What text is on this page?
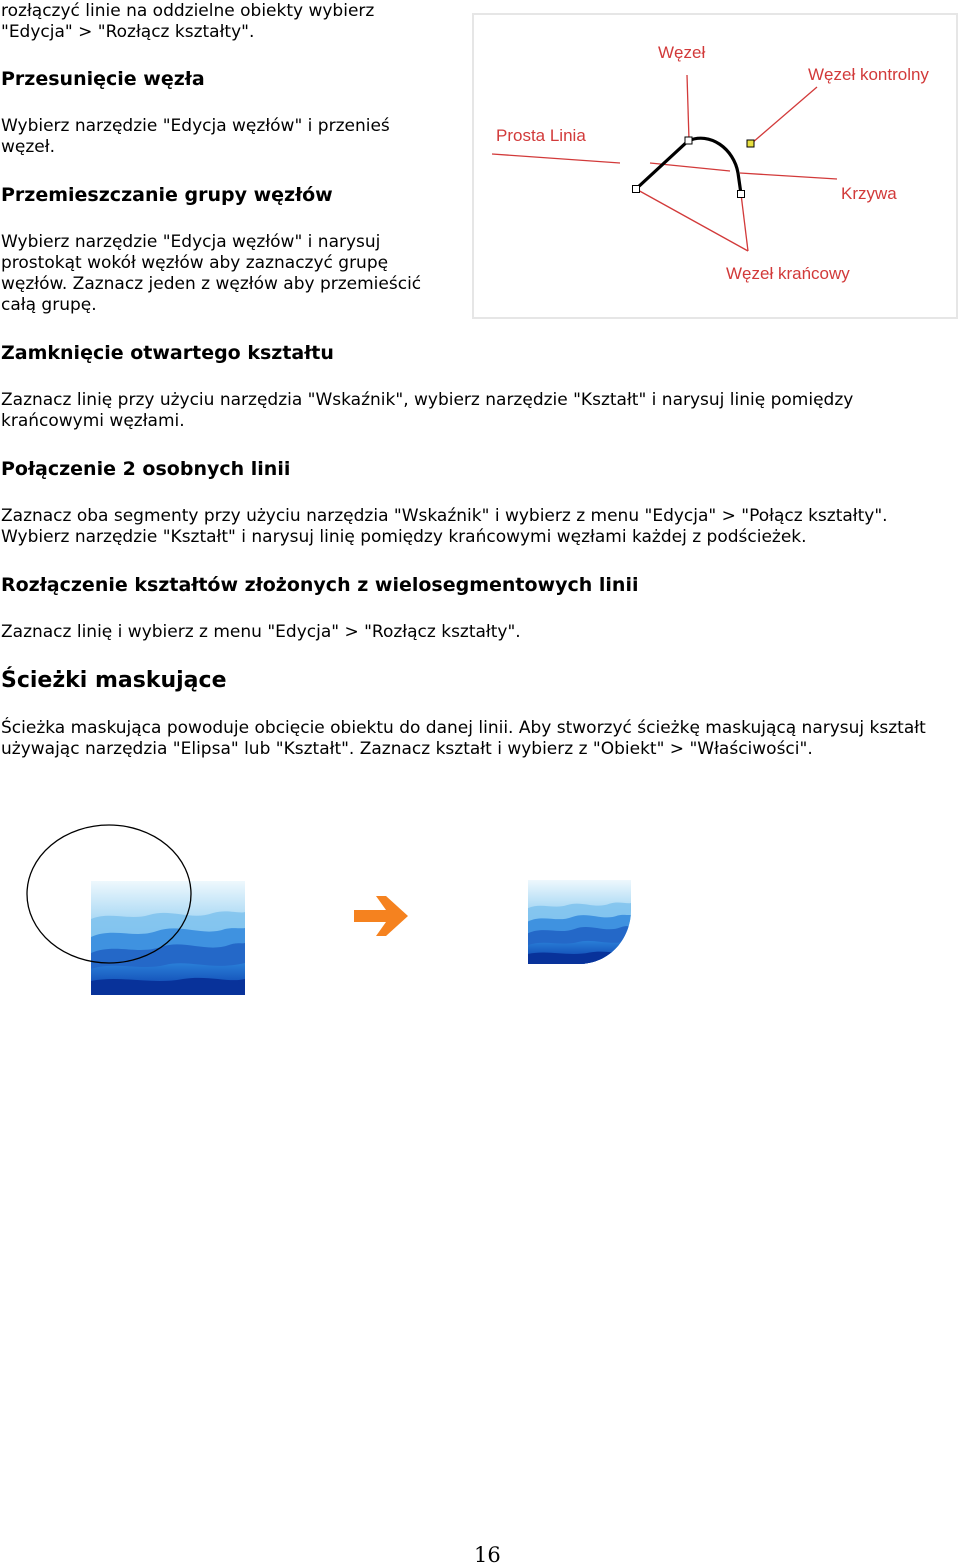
rozłączyć linie na oddzielne obiekty wybierz
"Edycja" > "Rozłącz kształty".
Przesunięcie węzła
Wybierz narzędzie "Edycja węzłów" i przenieś
węzeł.
Przemieszczanie grupy węzłów
Wybierz narzędzie "Edycja węzłów" i narysuj
prostokąt wokół węzłów aby zaznaczyć grupę
węzłów. Zaznacz jeden z węzłów aby przemieścić
całą grupę.
Węzeł
Węzeł kontrolny
Prosta Linia
Krzywa
Węzeł krańcowy
Zamknięcie otwartego kształtu
Zaznacz linię przy użyciu narzędzia "Wskaźnik", wybierz narzędzie "Kształt" i narysuj linię pomiędzy
krańcowymi węzłami.
Połączenie 2 osobnych linii
Zaznacz oba segmenty przy użyciu narzędzia "Wskaźnik" i wybierz z menu "Edycja" > "Połącz kształty".
Wybierz narzędzie "Kształt" i narysuj linię pomiędzy krańcowymi węzłami każdej z podścieżek.
Rozłączenie kształtów złożonych z wielosegmentowych linii
Zaznacz linię i wybierz z menu "Edycja" > "Rozłącz kształty".
Ścieżki maskujące
Ścieżka maskująca powoduje obcięcie obiektu do danej linii. Aby stworzyć ścieżkę maskującą narysuj kształt
używając narzędzia "Elipsa" lub "Kształt". Zaznacz kształt i wybierz z "Obiekt" > "Właściwości".
16
